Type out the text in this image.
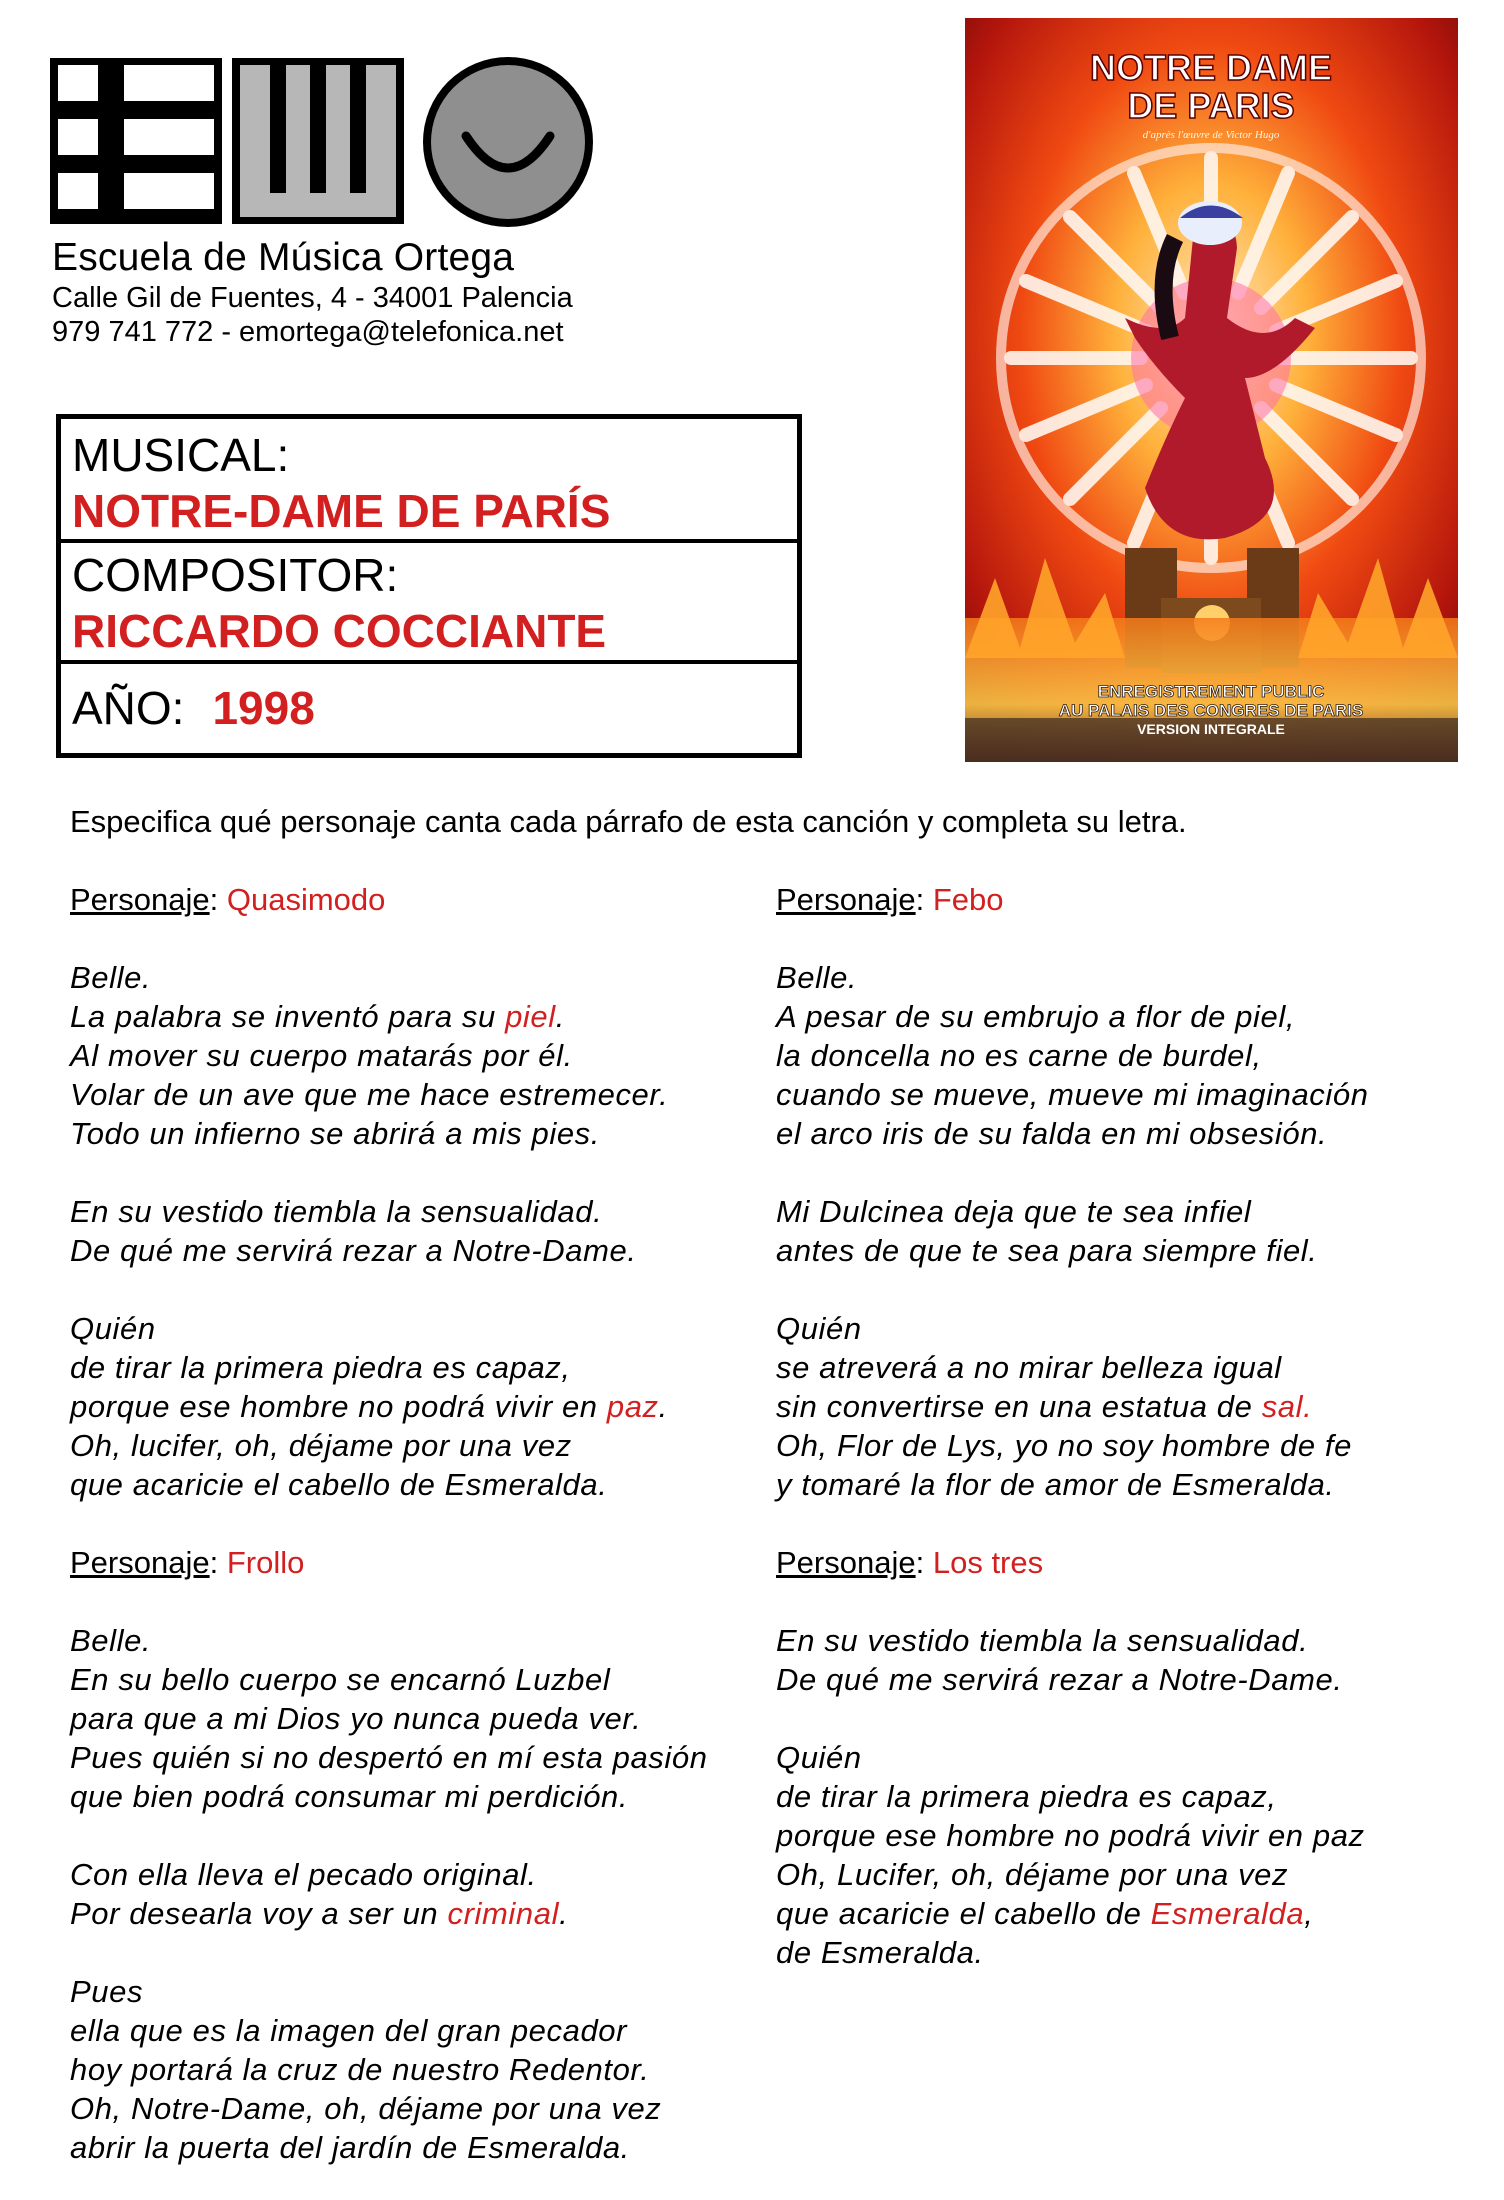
Escuela de Música Ortega
Calle Gil de Fuentes, 4 - 34001 Palencia
979 741 772 - emortega@telefonica.net
MUSICAL:
NOTRE-DAME DE PARÍS
COMPOSITOR:
RICCARDO COCCIANTE
AÑO: 1998
NOTRE DAME
DE PARIS
d'après l'œuvre de Victor Hugo
ENREGISTREMENT PUBLIC
AU PALAIS DES CONGRES DE PARIS
VERSION INTEGRALE
Especifica qué personaje canta cada párrafo de esta canción y completa su letra.
Personaje: Quasimodo
Belle.
La palabra se inventó para su piel.
Al mover su cuerpo matarás por él.
Volar de un ave que me hace estremecer.
Todo un infierno se abrirá a mis pies.
En su vestido tiembla la sensualidad.
De qué me servirá rezar a Notre-Dame.
Quién
de tirar la primera piedra es capaz,
porque ese hombre no podrá vivir en paz.
Oh, lucifer, oh, déjame por una vez
que acaricie el cabello de Esmeralda.
Personaje: Frollo
Belle.
En su bello cuerpo se encarnó Luzbel
para que a mi Dios yo nunca pueda ver.
Pues quién si no despertó en mí esta pasión
que bien podrá consumar mi perdición.
Con ella lleva el pecado original.
Por desearla voy a ser un criminal.
Pues
ella que es la imagen del gran pecador
hoy portará la cruz de nuestro Redentor.
Oh, Notre-Dame, oh, déjame por una vez
abrir la puerta del jardín de Esmeralda.
Personaje: Febo
Belle.
A pesar de su embrujo a flor de piel,
la doncella no es carne de burdel,
cuando se mueve, mueve mi imaginación
el arco iris de su falda en mi obsesión.
Mi Dulcinea deja que te sea infiel
antes de que te sea para siempre fiel.
Quién
se atreverá a no mirar belleza igual
sin convertirse en una estatua de sal.
Oh, Flor de Lys, yo no soy hombre de fe
y tomaré la flor de amor de Esmeralda.
Personaje: Los tres
En su vestido tiembla la sensualidad.
De qué me servirá rezar a Notre-Dame.
Quién
de tirar la primera piedra es capaz,
porque ese hombre no podrá vivir en paz
Oh, Lucifer, oh, déjame por una vez
que acaricie el cabello de Esmeralda,
de Esmeralda.
